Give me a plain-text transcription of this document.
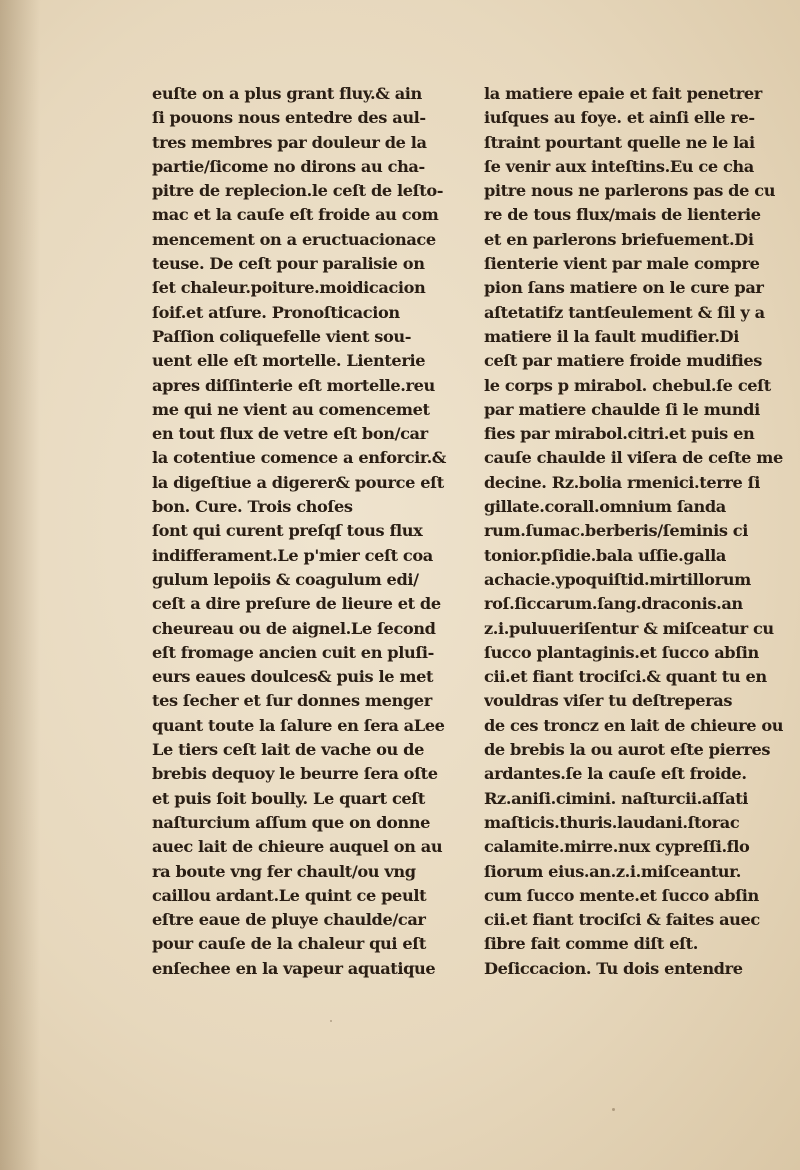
euſte on a plus grant fluy.& ain
ſi pouons nous entedre des aul-
tres membres par douleur de la
partie/ſicome no dirons au cha-
pitre de replecion.le ceſt de leſto-
mac et la cauſe eſt froide au com
mencement on a eructuacionace
teuse. De ceſt pour paralisie on
ſet chaleur.poiture.moidicacion
ſoif.et atſure. Pronoſticacion
Paſſion coliquefelle vient sou-
uent elle eſt mortelle. Lienterie
apres diſſinterie eſt mortelle.reu
me qui ne vient au comencemet
en tout flux de vetre eſt bon/car
la cotentiue comence a enforcir.&
la digeſtiue a digerer& pource eſt
bon. Cure. Trois choſes
ſont qui curent preſqſ tous flux
indifferament.Le p'mier ceſt coa
gulum lepoiis & coagulum edi/
ceſt a dire preſure de lieure et de
cheureau ou de aignel.Le ſecond
eſt fromage ancien cuit en pluſi-
eurs eaues doulces& puis le met
tes ſecher et ſur donnes menger
quant toute la ſalure en ſera aLee
Le tiers ceſt lait de vache ou de
brebis dequoy le beurre ſera oſte
et puis ſoit boully. Le quart ceſt
naſturcium aſſum que on donne
auec lait de chieure auquel on au
ra boute vng fer chault/ou vng
caillou ardant.Le quint ce peult
eſtre eaue de pluye chaulde/car
pour cauſe de la chaleur qui eſt
enſechee en la vapeur aquatique
la matiere epaie et fait penetrer
iuſques au foye. et ainſi elle re-
ſtraint pourtant quelle ne le lai
ſe venir aux inteſtins.Eu ce cha
pitre nous ne parlerons pas de cu
re de tous flux/mais de lienterie
et en parlerons briefuement.Di
ſienterie vient par male compre
pion ſans matiere on le cure par
aſtetatifz tantſeulement & ſil y a
matiere il la fault mudifier.Di
ceſt par matiere froide mudifies
le corps p mirabol. chebul.ſe ceſt
par matiere chaulde ſi le mundi
fies par mirabol.citri.et puis en
cauſe chaulde il viſera de ceſte me
decine. Rz.bolia rmenici.terre ſi
gillate.corall.omnium ſanda
rum.ſumac.berberis/ſeminis ci
tonior.pſidie.bala uſſie.galla
achacie.ypoquiſtid.mirtillorum
roſ.ſiccarum.ſang.draconis.an
z.i.puluueriſentur & miſceatur cu
ſucco plantaginis.et ſucco abſin
cii.et fiant trociſci.& quant tu en
vouldras viſer tu deſtreperas
de ces troncz en lait de chieure ou
de brebis la ou aurot eſte pierres
ardantes.ſe la cauſe eſt froide.
Rz.aniſi.cimini. naſturcii.aſſati
maſticis.thuris.laudani.ſtorac
calamite.mirre.nux cypreſſi.flo
ſiorum eius.an.z.i.miſceantur.
cum ſucco mente.et ſucco abſin
cii.et fiant trociſci & faites auec
ſibre fait comme diſt eſt.
Deſiccacion. Tu dois entendre
